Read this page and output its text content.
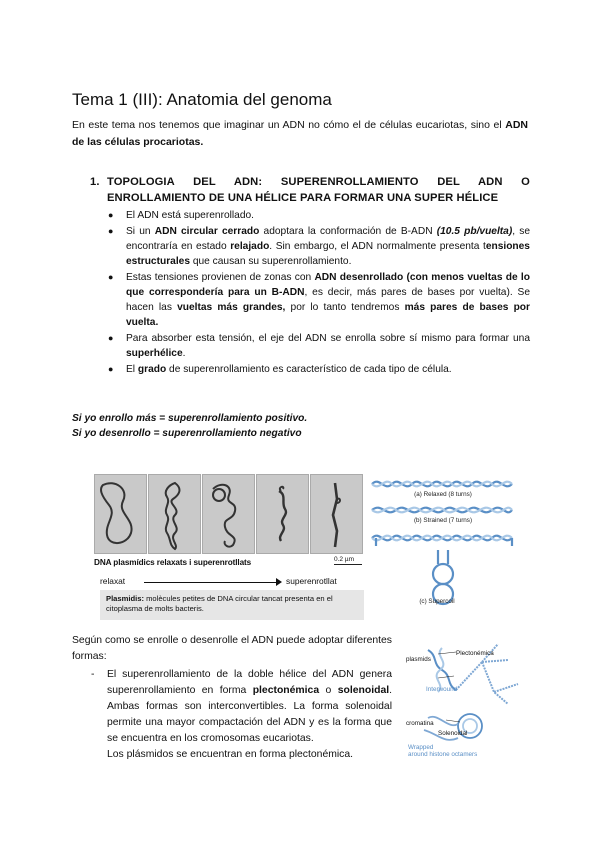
Tema 1 (III): Anatomia del genoma
En este tema nos tenemos que imaginar un ADN no cómo el de células eucariotas, sino el ADN de las células procariotas.
1. TOPOLOGIA DEL ADN: SUPERENROLLAMIENTO DEL ADN O
ENROLLAMIENTO DE UNA HÉLICE PARA FORMAR UNA SUPER HÉLICE
● El ADN está superenrollado.
● Si un ADN circular cerrado adoptara la conformación de B-ADN (10.5 pb/vuelta), se encontraría en estado relajado. Sin embargo, el ADN normalmente presenta tensiones estructurales que causan su superenrollamiento.
● Estas tensiones provienen de zonas con ADN desenrollado (con menos vueltas de lo que correspondería para un B-ADN, es decir, más pares de bases por vuelta). Se hacen las vueltas más grandes, por lo tanto tendremos más pares de bases por vuelta.
● Para absorber esta tensión, el eje del ADN se enrolla sobre sí mismo para formar una superhélice.
● El grado de superenrollamiento es característico de cada tipo de célula.
Si yo enrollo más = superenrollamiento positivo.
Si yo desenrollo = superenrollamiento negativo
DNA plasmídics relaxats i superenrotllats	0.2 µm
relaxat	superenrotllat
Plasmidis: molècules petites de DNA circular tancat presenta en el citoplasma de molts bacteris.
(a) Relaxed (8 turns)
(b) Strained (7 turns)
(c) Supercoil
Según como se enrolle o desenrolle el ADN puede adoptar diferentes formas:
- El superenrollamiento de la doble hélice del ADN genera superenrollamiento en forma plectonémica o solenoidal. Ambas formas son interconvertibles. La forma solenoidal permite una mayor compactación del ADN y es la forma que se encuentra en los cromosomas eucariotas.
Los plásmidos se encuentran en forma plectonémica.
plasmids
Plectonémica
Interwound
cromatina
Solenoidal
Wrapped
around histone octamers
